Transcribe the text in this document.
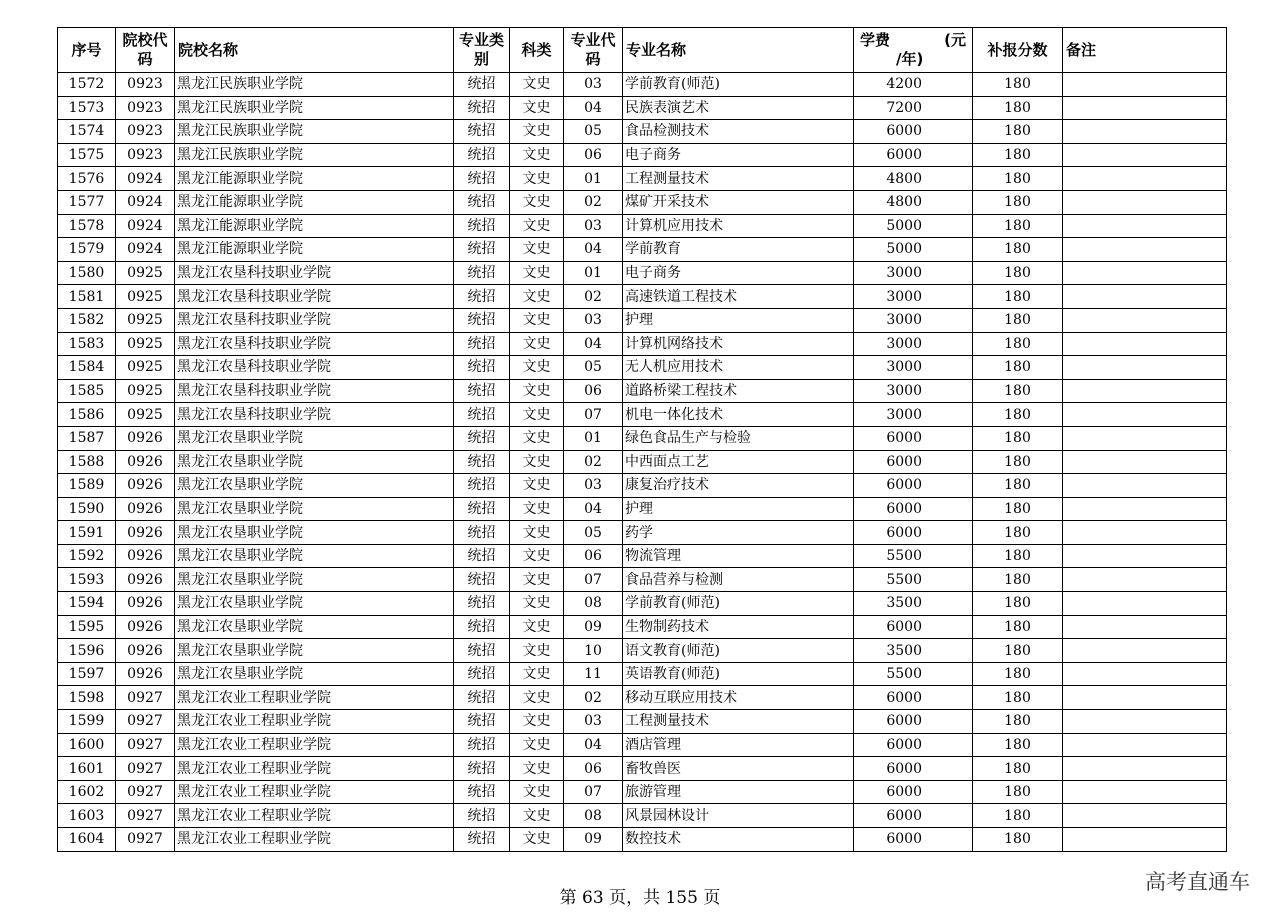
序号	院校代码	院校名称	专业类别	科类	专业代码	专业名称	学费 (元
/年)	补报分数	备注
1572	0923	黑龙江民族职业学院	统招	文史	03	学前教育(师范)	4200	180	
1573	0923	黑龙江民族职业学院	统招	文史	04	民族表演艺术	7200	180	
1574	0923	黑龙江民族职业学院	统招	文史	05	食品检测技术	6000	180	
1575	0923	黑龙江民族职业学院	统招	文史	06	电子商务	6000	180	
1576	0924	黑龙江能源职业学院	统招	文史	01	工程测量技术	4800	180	
1577	0924	黑龙江能源职业学院	统招	文史	02	煤矿开采技术	4800	180	
1578	0924	黑龙江能源职业学院	统招	文史	03	计算机应用技术	5000	180	
1579	0924	黑龙江能源职业学院	统招	文史	04	学前教育	5000	180	
1580	0925	黑龙江农垦科技职业学院	统招	文史	01	电子商务	3000	180	
1581	0925	黑龙江农垦科技职业学院	统招	文史	02	高速铁道工程技术	3000	180	
1582	0925	黑龙江农垦科技职业学院	统招	文史	03	护理	3000	180	
1583	0925	黑龙江农垦科技职业学院	统招	文史	04	计算机网络技术	3000	180	
1584	0925	黑龙江农垦科技职业学院	统招	文史	05	无人机应用技术	3000	180	
1585	0925	黑龙江农垦科技职业学院	统招	文史	06	道路桥梁工程技术	3000	180	
1586	0925	黑龙江农垦科技职业学院	统招	文史	07	机电一体化技术	3000	180	
1587	0926	黑龙江农垦职业学院	统招	文史	01	绿色食品生产与检验	6000	180	
1588	0926	黑龙江农垦职业学院	统招	文史	02	中西面点工艺	6000	180	
1589	0926	黑龙江农垦职业学院	统招	文史	03	康复治疗技术	6000	180	
1590	0926	黑龙江农垦职业学院	统招	文史	04	护理	6000	180	
1591	0926	黑龙江农垦职业学院	统招	文史	05	药学	6000	180	
1592	0926	黑龙江农垦职业学院	统招	文史	06	物流管理	5500	180	
1593	0926	黑龙江农垦职业学院	统招	文史	07	食品营养与检测	5500	180	
1594	0926	黑龙江农垦职业学院	统招	文史	08	学前教育(师范)	3500	180	
1595	0926	黑龙江农垦职业学院	统招	文史	09	生物制药技术	6000	180	
1596	0926	黑龙江农垦职业学院	统招	文史	10	语文教育(师范)	3500	180	
1597	0926	黑龙江农垦职业学院	统招	文史	11	英语教育(师范)	5500	180	
1598	0927	黑龙江农业工程职业学院	统招	文史	02	移动互联应用技术	6000	180	
1599	0927	黑龙江农业工程职业学院	统招	文史	03	工程测量技术	6000	180	
1600	0927	黑龙江农业工程职业学院	统招	文史	04	酒店管理	6000	180	
1601	0927	黑龙江农业工程职业学院	统招	文史	06	畜牧兽医	6000	180	
1602	0927	黑龙江农业工程职业学院	统招	文史	07	旅游管理	6000	180	
1603	0927	黑龙江农业工程职业学院	统招	文史	08	风景园林设计	6000	180	
1604	0927	黑龙江农业工程职业学院	统招	文史	09	数控技术	6000	180	
第 63 页，共 155 页
高考直通车
